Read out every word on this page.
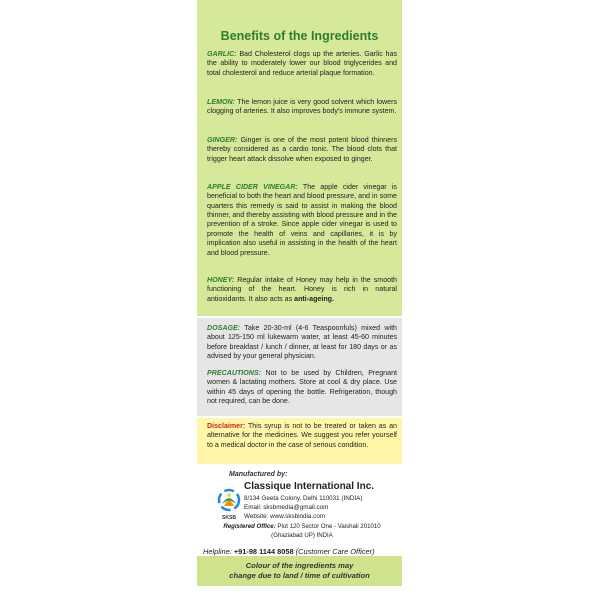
Benefits of the Ingredients
GARLIC: Bad Cholesterol clogs up the arteries. Garlic has the ability to moderately lower our blood triglycerides and total cholesterol and reduce arterial plaque formation.
LEMON: The lemon juice is very good solvent which lowers clogging of arteries. It also improves body's immune system.
GINGER: Ginger is one of the most potent blood thinners thereby considered as a cardio tonic. The blood clots that trigger heart attack dissolve when exposed to ginger.
APPLE CIDER VINEGAR: The apple cider vinegar is beneficial to both the heart and blood pressure, and in some quarters this remedy is said to assist in making the blood thinner, and thereby assisting with blood pressure and in the prevention of a stroke. Since apple cider vinegar is used to promote the health of veins and capillaries, it is by implication also useful in assisting in the health of the heart and blood pressure.
HONEY: Regular intake of Honey may help in the smooth functioning of the heart. Honey is rich in natural antioxidants. It also acts as anti-ageing.
DOSAGE: Take 20-30-ml (4-6 Teaspoonfuls) mixed with about 125-150 ml lukewarm water, at least 45-60 minutes before breakfast / lunch / dinner, at least for 180 days or as advised by your general physician.
PRECAUTIONS: Not to be used by Children, Pregnant women & lactating mothers. Store at cool & dry place. Use within 45 days of opening the bottle. Refrigeration, though not required, can be done.
Disclaimer: This syrup is not to be treated or taken as an alternative for the medicines. We suggest you refer yourself to a medical doctor in the case of serious condition.
Manufactured by:
SKSB
Classique International Inc.
8/134 Geeta Colony, Delhi 110031 (INDIA)
Email: sksbmedia@gmail.com
Website: www.sksbindia.com
Registered Office: Plot 120 Sector One - Vaishali 201010
(Ghaziabad UP) INDIA
Helpline: +91-98 1144 8058 (Customer Care Officer)
Colour of the ingredients may
change due to land / time of cultivation
